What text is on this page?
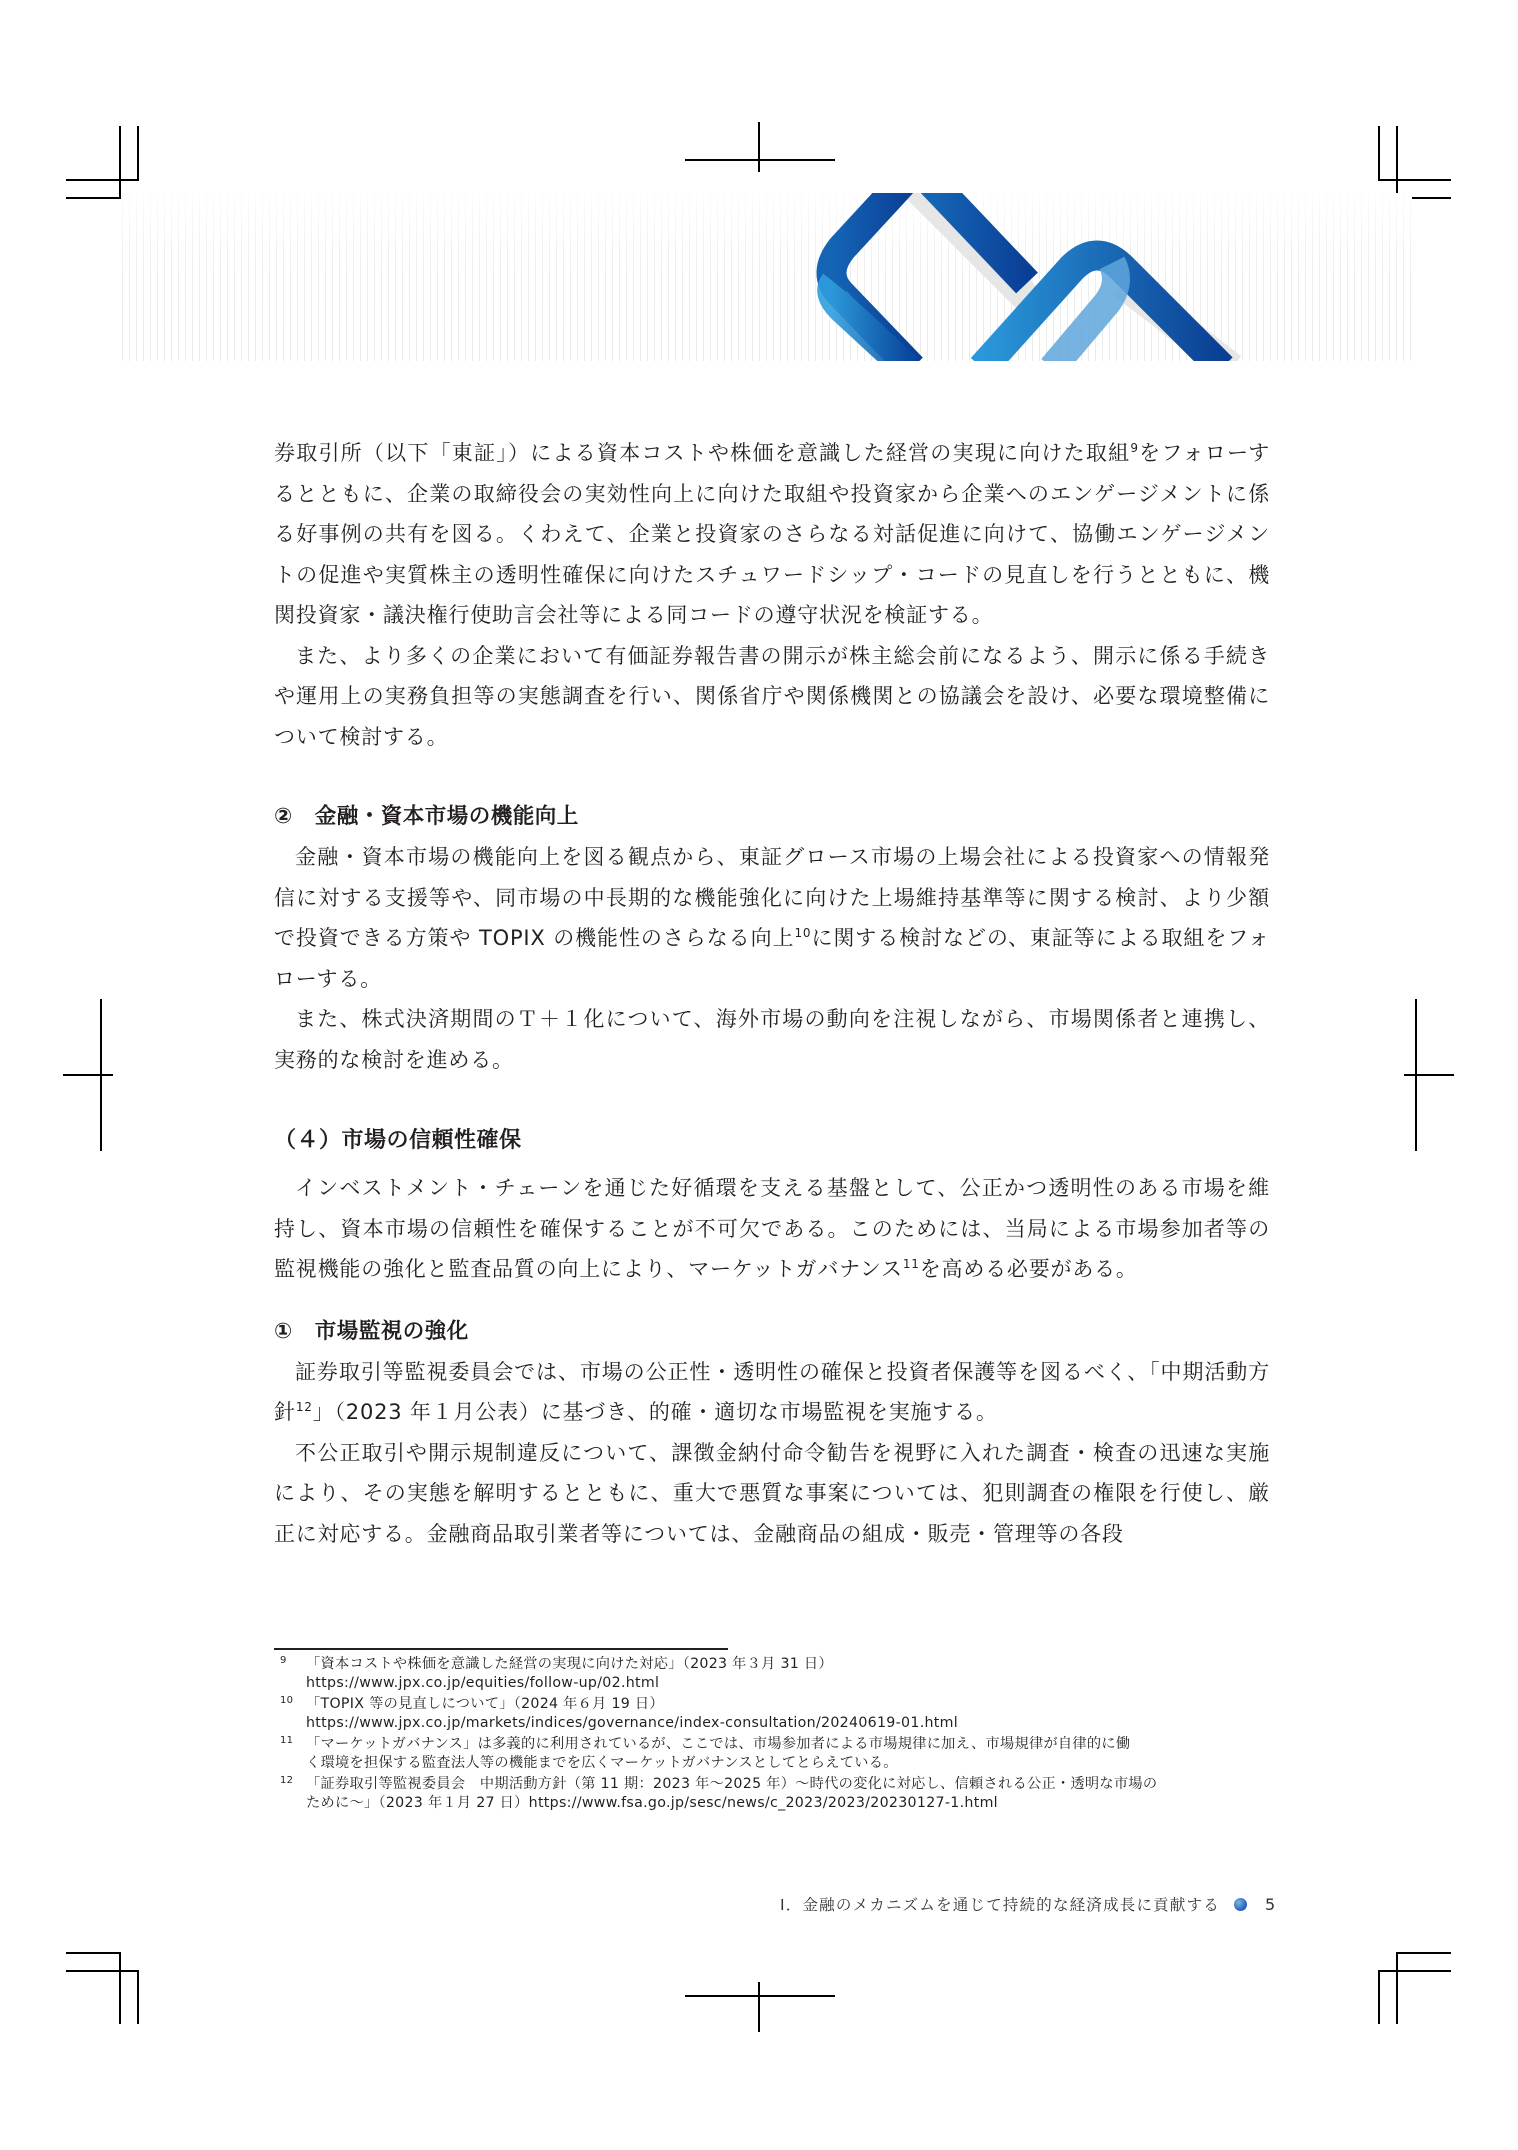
券取引所（以下「東証」）による資本コストや株価を意識した経営の実現に向けた取組$^9$をフォローするとともに、企業の取締役会の実効性向上に向けた取組や投資家から企業へのエンゲージメントに係る好事例の共有を図る。くわえて、企業と投資家のさらなる対話促進に向けて、協働エンゲージメントの促進や実質株主の透明性確保に向けたスチュワードシップ・コードの見直しを行うとともに、機関投資家・議決権行使助言会社等による同コードの遵守状況を検証する。

また、より多くの企業において有価証券報告書の開示が株主総会前になるよう、開示に係る手続きや運用上の実務負担等の実態調査を行い、関係省庁や関係機関との協議会を設け、必要な環境整備について検討する。

②　金融・資本市場の機能向上

金融・資本市場の機能向上を図る観点から、東証グロース市場の上場会社による投資家への情報発信に対する支援等や、同市場の中長期的な機能強化に向けた上場維持基準等に関する検討、より少額で投資できる方策や TOPIX の機能性のさらなる向上$^{10}$に関する検討などの、東証等による取組をフォローする。

また、株式決済期間のＴ＋１化について、海外市場の動向を注視しながら、市場関係者と連携し、実務的な検討を進める。

（４）市場の信頼性確保

インベストメント・チェーンを通じた好循環を支える基盤として、公正かつ透明性のある市場を維持し、資本市場の信頼性を確保することが不可欠である。このためには、当局による市場参加者等の監視機能の強化と監査品質の向上により、マーケットガバナンス$^{11}$を高める必要がある。

①　市場監視の強化

証券取引等監視委員会では、市場の公正性・透明性の確保と投資者保護等を図るべく、「中期活動方針$^{12}$」（2023 年１月公表）に基づき、的確・適切な市場監視を実施する。

不公正取引や開示規制違反について、課徴金納付命令勧告を視野に入れた調査・検査の迅速な実施により、その実態を解明するとともに、重大で悪質な事案については、犯則調査の権限を行使し、厳正に対応する。金融商品取引業者等については、金融商品の組成・販売・管理等の各段

9 「資本コストや株価を意識した経営の実現に向けた対応」（2023 年３月 31 日）
https://www.jpx.co.jp/equities/follow-up/02.html
10 「TOPIX 等の見直しについて」（2024 年６月 19 日）
https://www.jpx.co.jp/markets/indices/governance/index-consultation/20240619-01.html
11 「マーケットガバナンス」は多義的に利用されているが、ここでは、市場参加者による市場規律に加え、市場規律が自律的に働
く環境を担保する監査法人等の機能までを広くマーケットガバナンスとしてとらえている。
12 「証券取引等監視委員会　中期活動方針（第 11 期：2023 年～2025 年）～時代の変化に対応し、信頼される公正・透明な市場の
ために～」（2023 年１月 27 日）https://www.fsa.go.jp/sesc/news/c_2023/2023/20230127-1.html
Ⅰ．金融のメカニズムを通じて持続的な経済成長に貢献する	5
